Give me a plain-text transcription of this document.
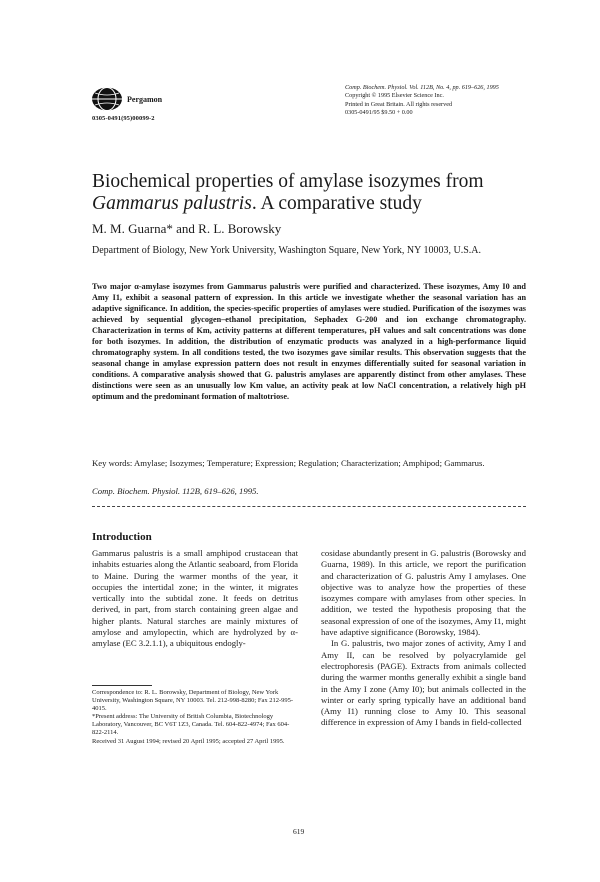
Pergamon
0305-0491(95)00099-2
Comp. Biochem. Physiol. Vol. 112B, No. 4, pp. 619–626, 1995
Copyright © 1995 Elsevier Science Inc.
Printed in Great Britain. All rights reserved
0305-0491/95 $9.50 + 0.00
Biochemical properties of amylase isozymes from
Gammarus palustris. A comparative study
M. M. Guarna* and R. L. Borowsky
Department of Biology, New York University, Washington Square, New York, NY 10003, U.S.A.
Two major α-amylase isozymes from Gammarus palustris were purified and characterized. These isozymes, Amy I0 and Amy I1, exhibit a seasonal pattern of expression. In this article we investigate whether the seasonal variation has an adaptive significance. In addition, the species-specific properties of amylases were studied. Purification of the isozymes was achieved by sequential glycogen–ethanol precipitation, Sephadex G-200 and ion exchange chromatography. Characterization in terms of Km, activity patterns at different temperatures, pH values and salt concentrations was done for both isozymes. In addition, the distribution of enzymatic products was analyzed in a high-performance liquid chromatography system. In all conditions tested, the two isozymes gave similar results. This observation suggests that the seasonal change in amylase expression pattern does not result in enzymes differentially suited for seasonal variation in conditions. A comparative analysis showed that G. palustris amylases are apparently distinct from other amylases. These distinctions were seen as an unusually low Km value, an activity peak at low NaCl concentration, a relatively high pH optimum and the predominant formation of maltotriose.
Key words: Amylase; Isozymes; Temperature; Expression; Regulation; Characterization; Amphipod; Gammarus.
Comp. Biochem. Physiol. 112B, 619–626, 1995.
Introduction

Gammarus palustris is a small amphipod crustacean that inhabits estuaries along the Atlantic seaboard, from Florida to Maine. During the warmer months of the year, it occupies the intertidal zone; in the winter, it migrates vertically into the subtidal zone. It feeds on detritus derived, in part, from starch containing green algae and higher plants. Natural starches are mainly mixtures of amylose and amylopectin, which are hydrolyzed by α-amylase (EC 3.2.1.1), a ubiquitous endogly-

cosidase abundantly present in G. palustris (Borowsky and Guarna, 1989). In this article, we report the purification and characterization of G. palustris Amy I amylases. One objective was to analyze how the properties of these isozymes compare with amylases from other species. In addition, we tested the hypothesis proposing that the seasonal expression of one of the isozymes, Amy I1, might have adaptive significance (Borowsky, 1984).

In G. palustris, two major zones of activity, Amy I and Amy II, can be resolved by polyacrylamide gel electrophoresis (PAGE). Extracts from animals collected during the warmer months generally exhibit a single band in the Amy I zone (Amy I0); but animals collected in the winter or early spring typically have an additional band (Amy I1) running close to Amy I0. This seasonal difference in expression of Amy I bands in field-collected

Correspondence to: R. L. Borowsky, Department of Biology, New York University, Washington Square, NY 10003. Tel. 212-998-8280; Fax 212-995-4015.
*Present address: The University of British Columbia, Biotechnology Laboratory, Vancouver, BC V6T 1Z3, Canada. Tel. 604-822-4974; Fax 604-822-2114.
Received 31 August 1994; revised 20 April 1995; accepted 27 April 1995.
619
